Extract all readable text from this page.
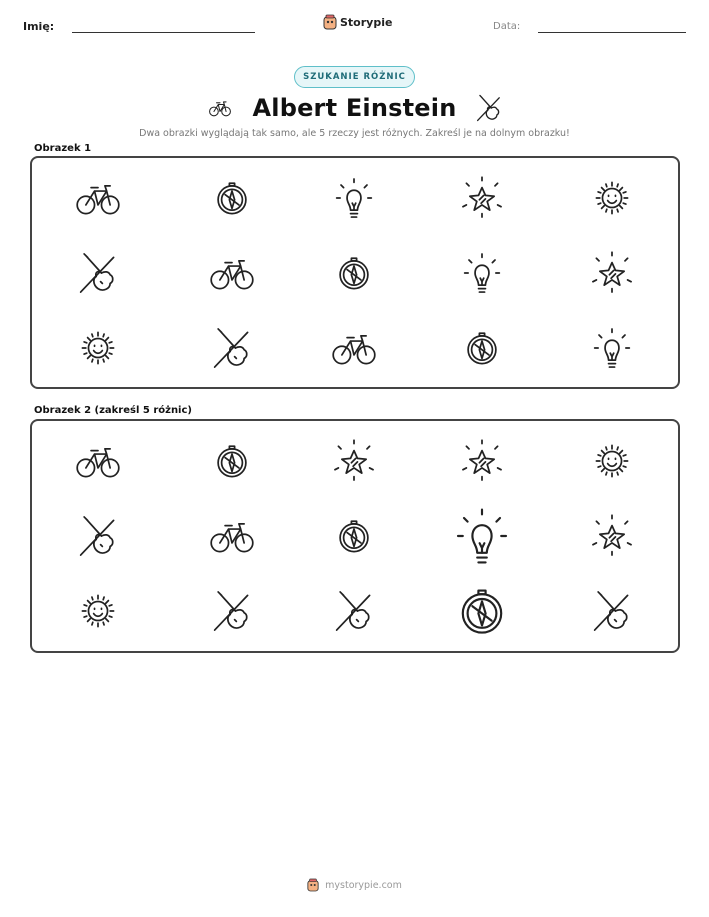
Imię:	Storypie	Data:
SZUKANIE RÓŻNIC
Albert Einstein
Dwa obrazki wyglądają tak samo, ale 5 rzeczy jest różnych. Zakreśl je na dolnym obrazku!
Obrazek 1
Obrazek 2 (zakreśl 5 różnic)
mystorypie.com
